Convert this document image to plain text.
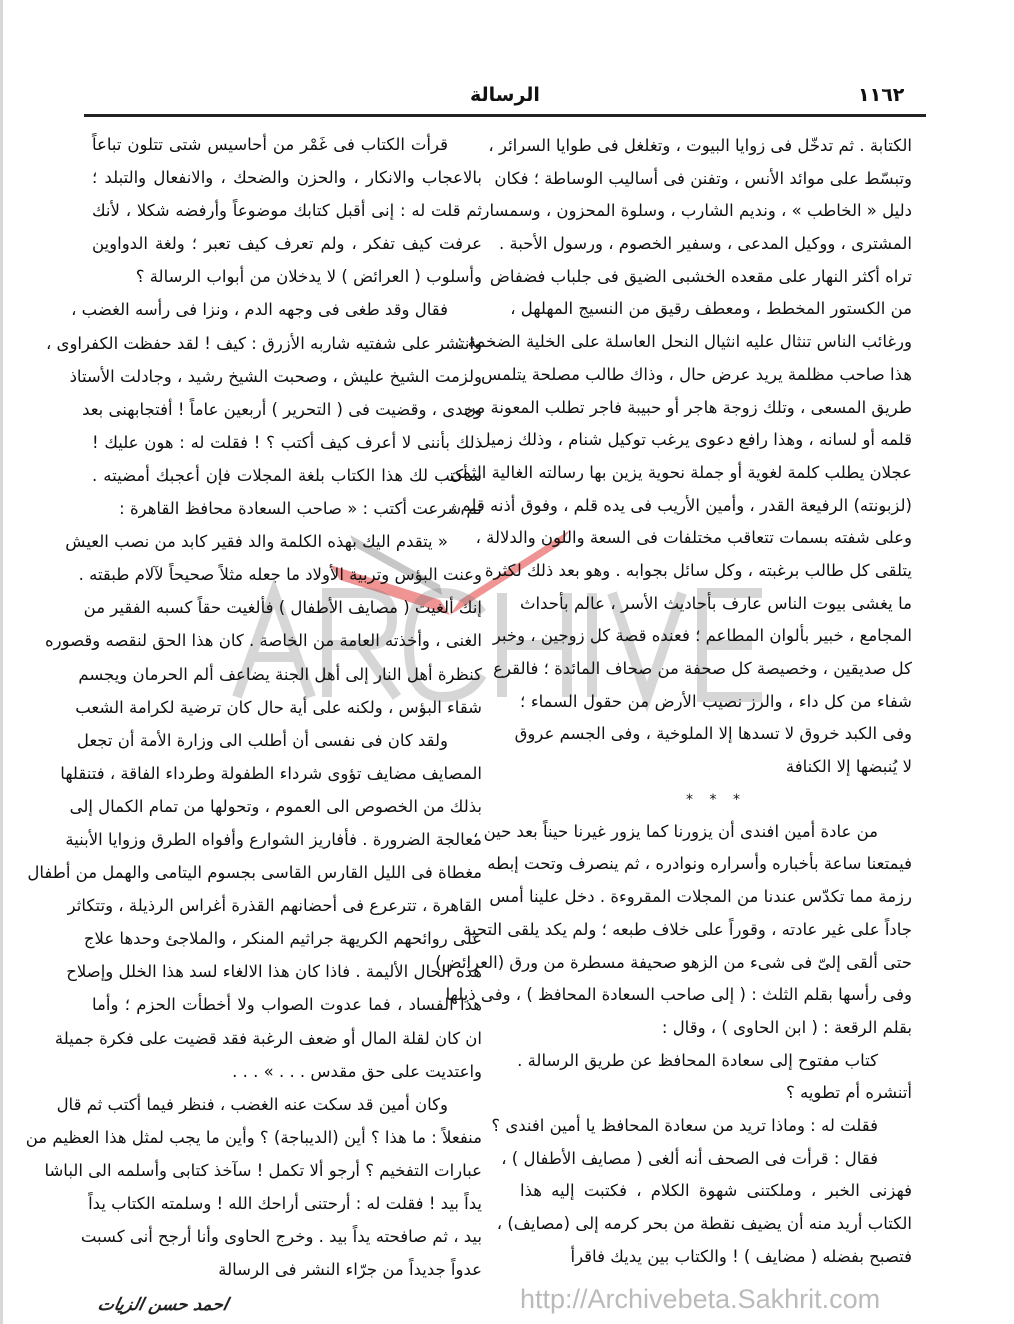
١١٦٢
الرسالة
http://Archivebeta.Sakhrit.com
الكتابة . ثم تدخّل فى زوايا البيوت ، وتغلغل فى طوايا السرائر ،
وتبسّط على موائد الأنس ، وتفنن فى أساليب الوساطة ؛ فكان
دليل « الخاطب » ، ونديم الشارب ، وسلوة المحزون ، وسمسار
المشترى ، ووكيل المدعى ، وسفير الخصوم ، ورسول الأحبة .
تراه أكثر النهار على مقعده الخشبى الضيق فى جلباب فضفاض
من الكستور المخطط ، ومعطف رقيق من النسيج المهلهل ،
ورغائب الناس تنثال عليه انثيال النحل العاسلة على الخلية الضخمة :
هذا صاحب مظلمة يريد عرض حال ، وذاك طالب مصلحة يتلمس
طريق المسعى ، وتلك زوجة هاجر أو حبيبة فاجر تطلب المعونة من
قلمه أو لسانه ، وهذا رافع دعوى يرغب توكيل شنام ، وذلك زميل
عجلان يطلب كلمة لغوية أو جملة نحوية يزين بها رسالته الغالية الثمن
(لزبونته) الرفيعة القدر ، وأمين الأريب فى يده قلم ، وفوق أذنه قلم ،
وعلى شفته بسمات تتعاقب مختلفات فى السعة واللون والدلالة ،
يتلقى كل طالب برغبته ، وكل سائل بجوابه . وهو بعد ذلك لكثرة
ما يغشى بيوت الناس عارف بأحاديث الأسر ، عالم بأحداث
المجامع ، خبير بألوان المطاعم ؛ فعنده قصة كل زوجين ، وخبر
كل صديقين ، وخصيصة كل صحفة من صحاف المائدة ؛ فالقرع
شفاء من كل داء ، والرز نصيب الأرض من حقول السماء ؛
وفى الكبد خروق لا تسدها إلا الملوخية ، وفى الجسم عروق
لا يُنبضها إلا الكنافة
* * *
من عادة أمين افندى أن يزورنا كما يزور غيرنا حيناً بعد حين ،
فيمتعنا ساعة بأخباره وأسراره ونوادره ، ثم ينصرف وتحت إبطه
رزمة مما تكدّس عندنا من المجلات المقروءة . دخل علينا أمس
جاداً على غير عادته ، وقوراً على خلاف طبعه ؛ ولم يكد يلقى التحية
حتى ألقى إلىّ فى شىء من الزهو صحيفة مسطرة من ورق (العرائض)
وفى رأسها بقلم الثلث : ( إلى صاحب السعادة المحافظ ) ، وفى ذيلها
بقلم الرقعة : ( ابن الحاوى ) ، وقال :
كتاب مفتوح إلى سعادة المحافظ عن طريق الرسالة .
أتنشره أم تطويه ؟
فقلت له : وماذا تريد من سعادة المحافظ يا أمين افندى ؟
فقال : قرأت فى الصحف أنه ألغى ( مصايف الأطفال ) ،
فهزنى الخبر ، وملكتنى شهوة الكلام ، فكتبت إليه هذا
الكتاب أريد منه أن يضيف نقطة من بحر كرمه إلى (مصايف) ،
فتصبح بفضله ( مضايف ) ! والكتاب بين يديك فاقرأ
قرأت الكتاب فى غَمْر من أحاسيس شتى تتلون تباعاً
بالاعجاب والانكار ، والحزن والضحك ، والانفعال والتبلد ؛
ثم قلت له : إنى أقبل كتابك موضوعاً وأرفضه شكلا ، لأنك
عرفت كيف تفكر ، ولم تعرف كيف تعبر ؛ ولغة الدواوين
وأسلوب ( العرائض ) لا يدخلان من أبواب الرسالة ؟
فقال وقد طغى فى وجهه الدم ، ونزا فى رأسه الغضب ،
وانتشر على شفتيه شاربه الأزرق : كيف ! لقد حفظت الكفراوى ،
ولزمت الشيخ عليش ، وصحبت الشيخ رشيد ، وجادلت الأستاذ
وجدى ، وقضيت فى ( التحرير ) أربعين عاماً ! أفتجابهنى بعد
ذلك بأننى لا أعرف كيف أكتب ؟ ! فقلت له : هون عليك !
سأكتب لك هذا الكتاب بلغة المجلات فإن أعجبك أمضيته .
ثم شرعت أكتب : « صاحب السعادة محافظ القاهرة :
« يتقدم اليك بهذه الكلمة والد فقير كابد من نصب العيش
وعنت البؤس وتربية الأولاد ما جعله مثلاً صحيحاً لآلام طبقته .
إنك ألغيت ( مصايف الأطفال ) فألغيت حقاً كسبه الفقير من
الغنى ، وأخذته العامة من الخاصة . كان هذا الحق لنقصه وقصوره
كنظرة أهل النار إلى أهل الجنة يضاعف ألم الحرمان ويجسم
شقاء البؤس ، ولكنه على أية حال كان ترضية لكرامة الشعب
ولقد كان فى نفسى أن أطلب الى وزارة الأمة أن تجعل
المصايف مضايف تؤوى شرداء الطفولة وطرداء الفاقة ، فتنقلها
بذلك من الخصوص الى العموم ، وتحولها من تمام الكمال إلى
معالجة الضرورة . فأفاريز الشوارع وأفواه الطرق وزوايا الأبنية
مغطاة فى الليل القارس القاسى بجسوم اليتامى والهمل من أطفال
القاهرة ، تترعرع فى أحضانهم القذرة أغراس الرذيلة ، وتتكاثر
على روائحهم الكريهة جراثيم المنكر ، والملاجئ وحدها علاج
هذه الحال الأليمة . فاذا كان هذا الالغاء لسد هذا الخلل وإصلاح
هذا الفساد ، فما عدوت الصواب ولا أخطأت الحزم ؛ وأما
ان كان لقلة المال أو ضعف الرغبة فقد قضيت على فكرة جميلة
واعتديت على حق مقدس . . . » . . .
وكان أمين قد سكت عنه الغضب ، فنظر فيما أكتب ثم قال
منفعلاً : ما هذا ؟ أين (الديباجة) ؟ وأين ما يجب لمثل هذا العظيم من
عبارات التفخيم ؟ أرجو ألا تكمل ! سآخذ كتابى وأسلمه الى الباشا
يداً بيد ! فقلت له : أرحتنى أراحك الله ! وسلمته الكتاب يداً
بيد ، ثم صافحته يداً بيد . وخرج الحاوى وأنا أرجح أنى كسبت
عدواً جديداً من جرّاء النشر فى الرسالة
احمد حسن الزيات
